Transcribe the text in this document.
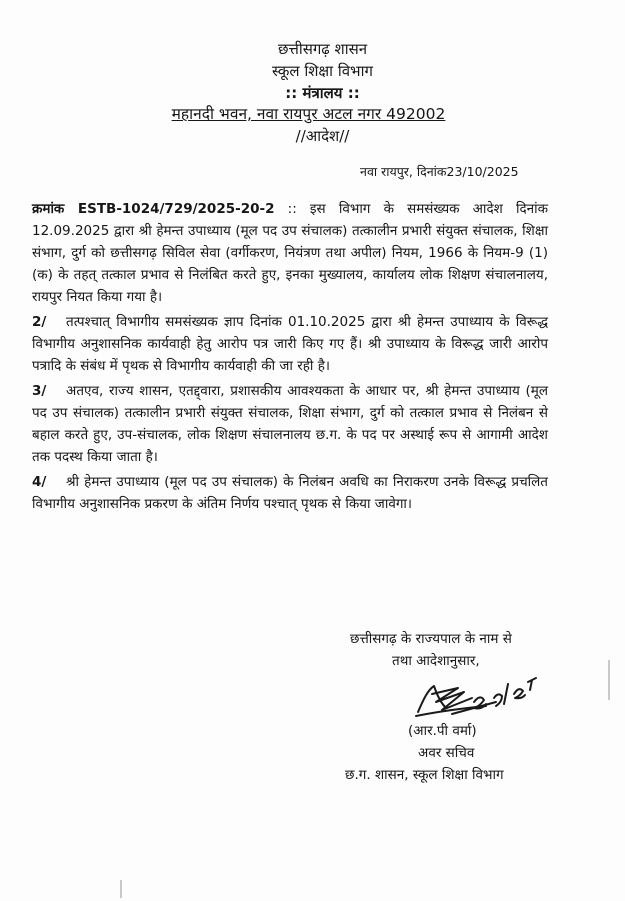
छत्तीसगढ़ शासन
स्कूल शिक्षा विभाग
:: मंत्रालय ::
महानदी भवन, नवा रायपुर अटल नगर 492002
//आदेश//
नवा रायपुर, दिनांक23/10/2025

क्रमांक ESTB-1024/729/2025-20-2 :: इस विभाग के समसंख्यक आदेश दिनांक 12.09.2025 द्वारा श्री हेमन्त उपाध्याय (मूल पद उप संचालक) तत्कालीन प्रभारी संयुक्त संचालक, शिक्षा संभाग, दुर्ग को छत्तीसगढ़ सिविल सेवा (वर्गीकरण, नियंत्रण तथा अपील) नियम, 1966 के नियम-9 (1) (क) के तहत् तत्काल प्रभाव से निलंबित करते हुए, इनका मुख्यालय, कार्यालय लोक शिक्षण संचालनालय, रायपुर नियत किया गया है।

2/ तत्पश्चात् विभागीय समसंख्यक ज्ञाप दिनांक 01.10.2025 द्वारा श्री हेमन्त उपाध्याय के विरूद्ध विभागीय अनुशासनिक कार्यवाही हेतु आरोप पत्र जारी किए गए हैं। श्री उपाध्याय के विरूद्ध जारी आरोप पत्रादि के संबंध में पृथक से विभागीय कार्यवाही की जा रही है।

3/ अतएव, राज्य शासन, एतद्द्वारा, प्रशासकीय आवश्यकता के आधार पर, श्री हेमन्त उपाध्याय (मूल पद उप संचालक) तत्कालीन प्रभारी संयुक्त संचालक, शिक्षा संभाग, दुर्ग को तत्काल प्रभाव से निलंबन से बहाल करते हुए, उप-संचालक, लोक शिक्षण संचालनालय छ.ग. के पद पर अस्थाई रूप से आगामी आदेश तक पदस्थ किया जाता है।

4/ श्री हेमन्त उपाध्याय (मूल पद उप संचालक) के निलंबन अवधि का निराकरण उनके विरूद्ध प्रचलित विभागीय अनुशासनिक प्रकरण के अंतिम निर्णय पश्चात् पृथक से किया जावेगा।

छत्तीसगढ़ के राज्यपाल के नाम से
तथा आदेशानुसार,
23/10/25
(आर.पी वर्मा)
अवर सचिव
छ.ग. शासन, स्कूल शिक्षा विभाग
